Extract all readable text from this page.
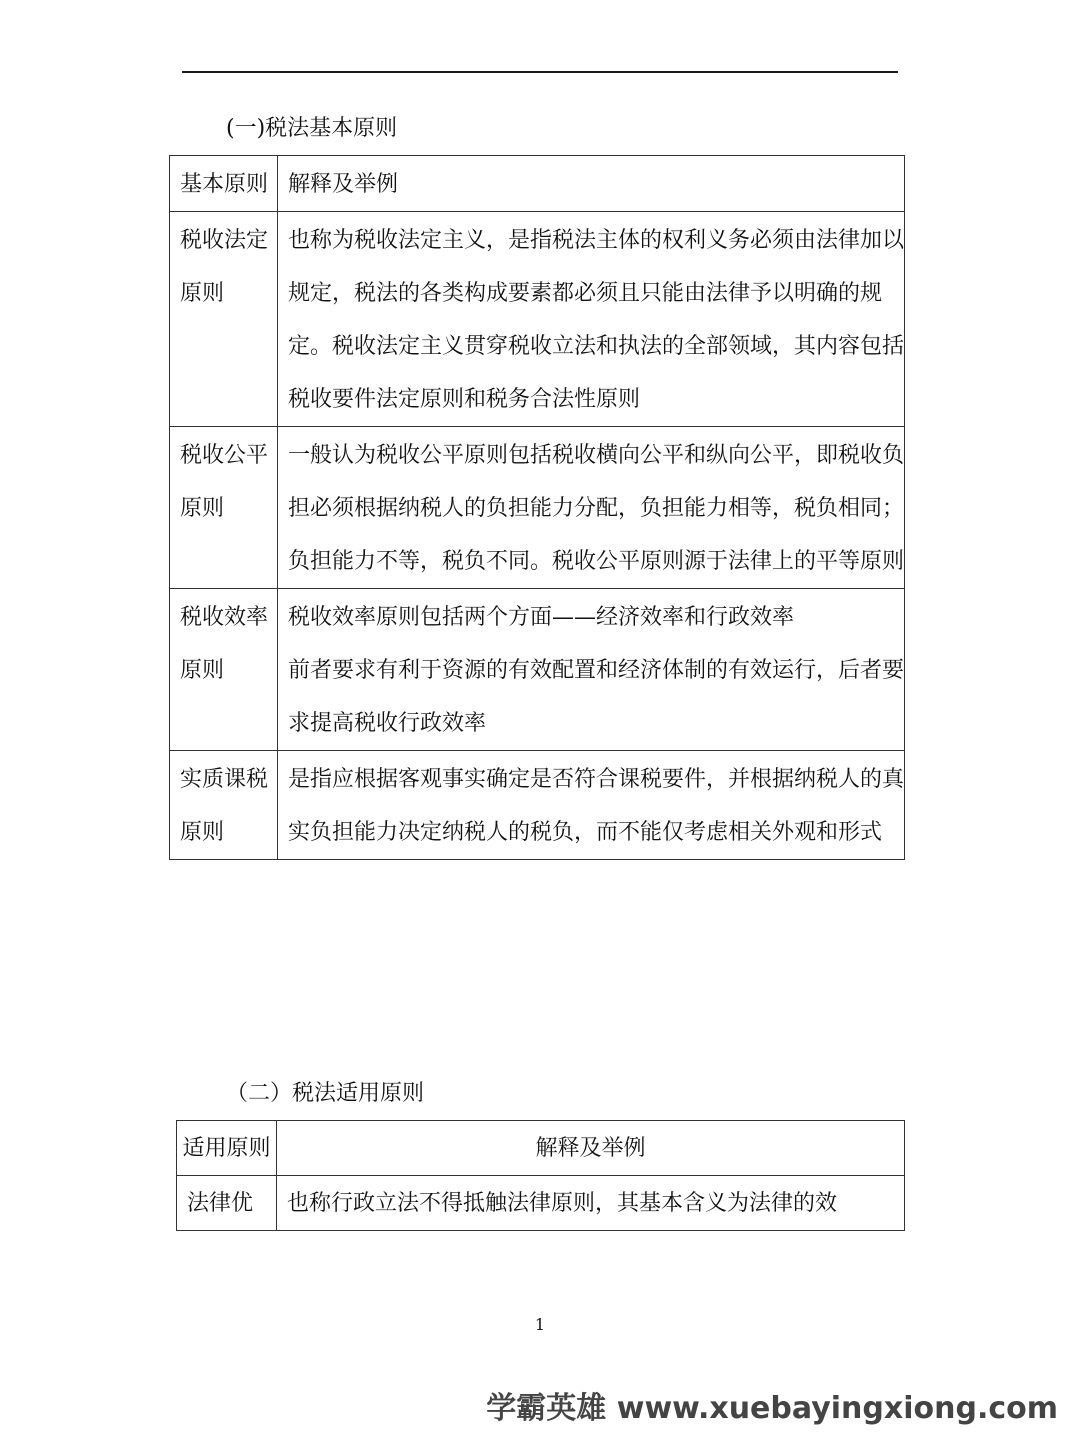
(一)税法基本原则
基本原则	解释及举例
税收法定原则	也称为税收法定主义，是指税法主体的权利义务必须由法律加以规定，税法的各类构成要素都必须且只能由法律予以明确的规定。税收法定主义贯穿税收立法和执法的全部领域，其内容包括税收要件法定原则和税务合法性原则
税收公平原则	一般认为税收公平原则包括税收横向公平和纵向公平，即税收负担必须根据纳税人的负担能力分配，负担能力相等，税负相同；负担能力不等，税负不同。税收公平原则源于法律上的平等原则
税收效率原则	税收效率原则包括两个方面——经济效率和行政效率
前者要求有利于资源的有效配置和经济体制的有效运行，后者要求提高税收行政效率

实质课税原则	是指应根据客观事实确定是否符合课税要件，并根据纳税人的真实负担能力决定纳税人的税负，而不能仅考虑相关外观和形式
（二）税法适用原则
适用原则	解释及举例
法律优	也称行政立法不得抵触法律原则，其基本含义为法律的效
1
学霸英雄 www.xuebayingxiong.com
